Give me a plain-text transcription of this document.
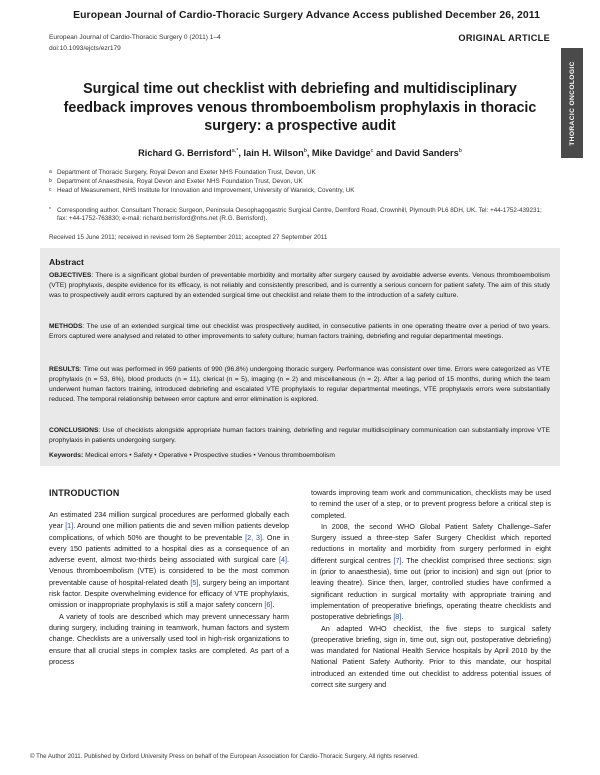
European Journal of Cardio-Thoracic Surgery Advance Access published December 26, 2011
European Journal of Cardio-Thoracic Surgery 0 (2011) 1–4
doi:10.1093/ejcts/ezr179
ORIGINAL ARTICLE
THORACIC ONCOLOGIC
Surgical time out checklist with debriefing and multidisciplinary feedback improves venous thromboembolism prophylaxis in thoracic surgery: a prospective audit
Richard G. Berrisford$^{a,*}$, Iain H. Wilson$^b$, Mike Davidge$^c$ and David Sanders$^b$
a Department of Thoracic Surgery, Royal Devon and Exeter NHS Foundation Trust, Devon, UK
b Department of Anaesthesia, Royal Devon and Exeter NHS Foundation Trust, Devon, UK
c Head of Measurement, NHS Institute for Innovation and Improvement, University of Warwick, Coventry, UK
* Corresponding author. Consultant Thoracic Surgeon, Peninsula Oesophagogastric Surgical Centre, Derriford Road, Crownhill, Plymouth PL6 8DH, UK. Tel: +44-1752-439231; fax: +44-1752-763830; e-mail: richard.berrisford@nhs.net (R.G. Berrisford).
Received 15 June 2011; received in revised form 26 September 2011; accepted 27 September 2011
Abstract

OBJECTIVES: There is a significant global burden of preventable morbidity and mortality after surgery caused by avoidable adverse events. Venous thromboembolism (VTE) prophylaxis, despite evidence for its efficacy, is not reliably and consistently prescribed, and is currently a serious concern for patient safety. The aim of this study was to prospectively audit errors captured by an extended surgical time out checklist and relate them to the introduction of a safety culture.

METHODS: The use of an extended surgical time out checklist was prospectively audited, in consecutive patients in one operating theatre over a period of two years. Errors captured were analysed and related to other improvements to safety culture; human factors training, debriefing and regular departmental meetings.

RESULTS: Time out was performed in 959 patients of 990 (96.8%) undergoing thoracic surgery. Performance was consistent over time. Errors were categorized as VTE prophylaxis (n = 53, 6%), blood products (n = 11), clerical (n = 5), imaging (n = 2) and miscellaneous (n = 2). After a lag period of 15 months, during which the team underwent human factors training, introduced debriefing and escalated VTE prophylaxis to regular departmental meetings, VTE prophylaxis errors were substantially reduced. The temporal relationship between error capture and error elimination is explored.

CONCLUSIONS: Use of checklists alongside appropriate human factors training, debriefing and regular multidisciplinary communication can substantially improve VTE prophylaxis in patients undergoing surgery.

Keywords: Medical errors • Safety • Operative • Prospective studies • Venous thromboembolism
INTRODUCTION

An estimated 234 million surgical procedures are performed globally each year [1]. Around one million patients die and seven million patients develop complications, of which 50% are thought to be preventable [2, 3]. One in every 150 patients admitted to a hospital dies as a consequence of an adverse event, almost two-thirds being associated with surgical care [4]. Venous thromboembolism (VTE) is considered to be the most common preventable cause of hospital-related death [5], surgery being an important risk factor. Despite overwhelming evidence for efficacy of VTE prophylaxis, omission or inappropriate prophylaxis is still a major safety concern [6].

A variety of tools are described which may prevent unnecessary harm during surgery, including training in teamwork, human factors and system change. Checklists are a universally used tool in high-risk organizations to ensure that all crucial steps in complex tasks are completed. As part of a process

towards improving team work and communication, checklists may be used to remind the user of a step, or to prevent progress before a critical step is completed.

In 2008, the second WHO Global Patient Safety Challenge–Safer Surgery issued a three-step Safer Surgery Checklist which reported reductions in mortality and morbidity from surgery performed in eight different surgical centres [7]. The checklist comprised three sections: sign in (prior to anaesthesia), time out (prior to incision) and sign out (prior to leaving theatre). Since then, larger, controlled studies have confirmed a significant reduction in surgical mortality with appropriate training and implementation of preoperative briefings, operating theatre checklists and postoperative debriefings [8].

An adapted WHO checklist, the five steps to surgical safety (preoperative briefing, sign in, time out, sign out, postoperative debriefing) was mandated for National Health Service hospitals by April 2010 by the National Patient Safety Authority. Prior to this mandate, our hospital introduced an extended time out checklist to address potential issues of correct site surgery and

© The Author 2011. Published by Oxford University Press on behalf of the European Association for Cardio-Thoracic Surgery. All rights reserved.
